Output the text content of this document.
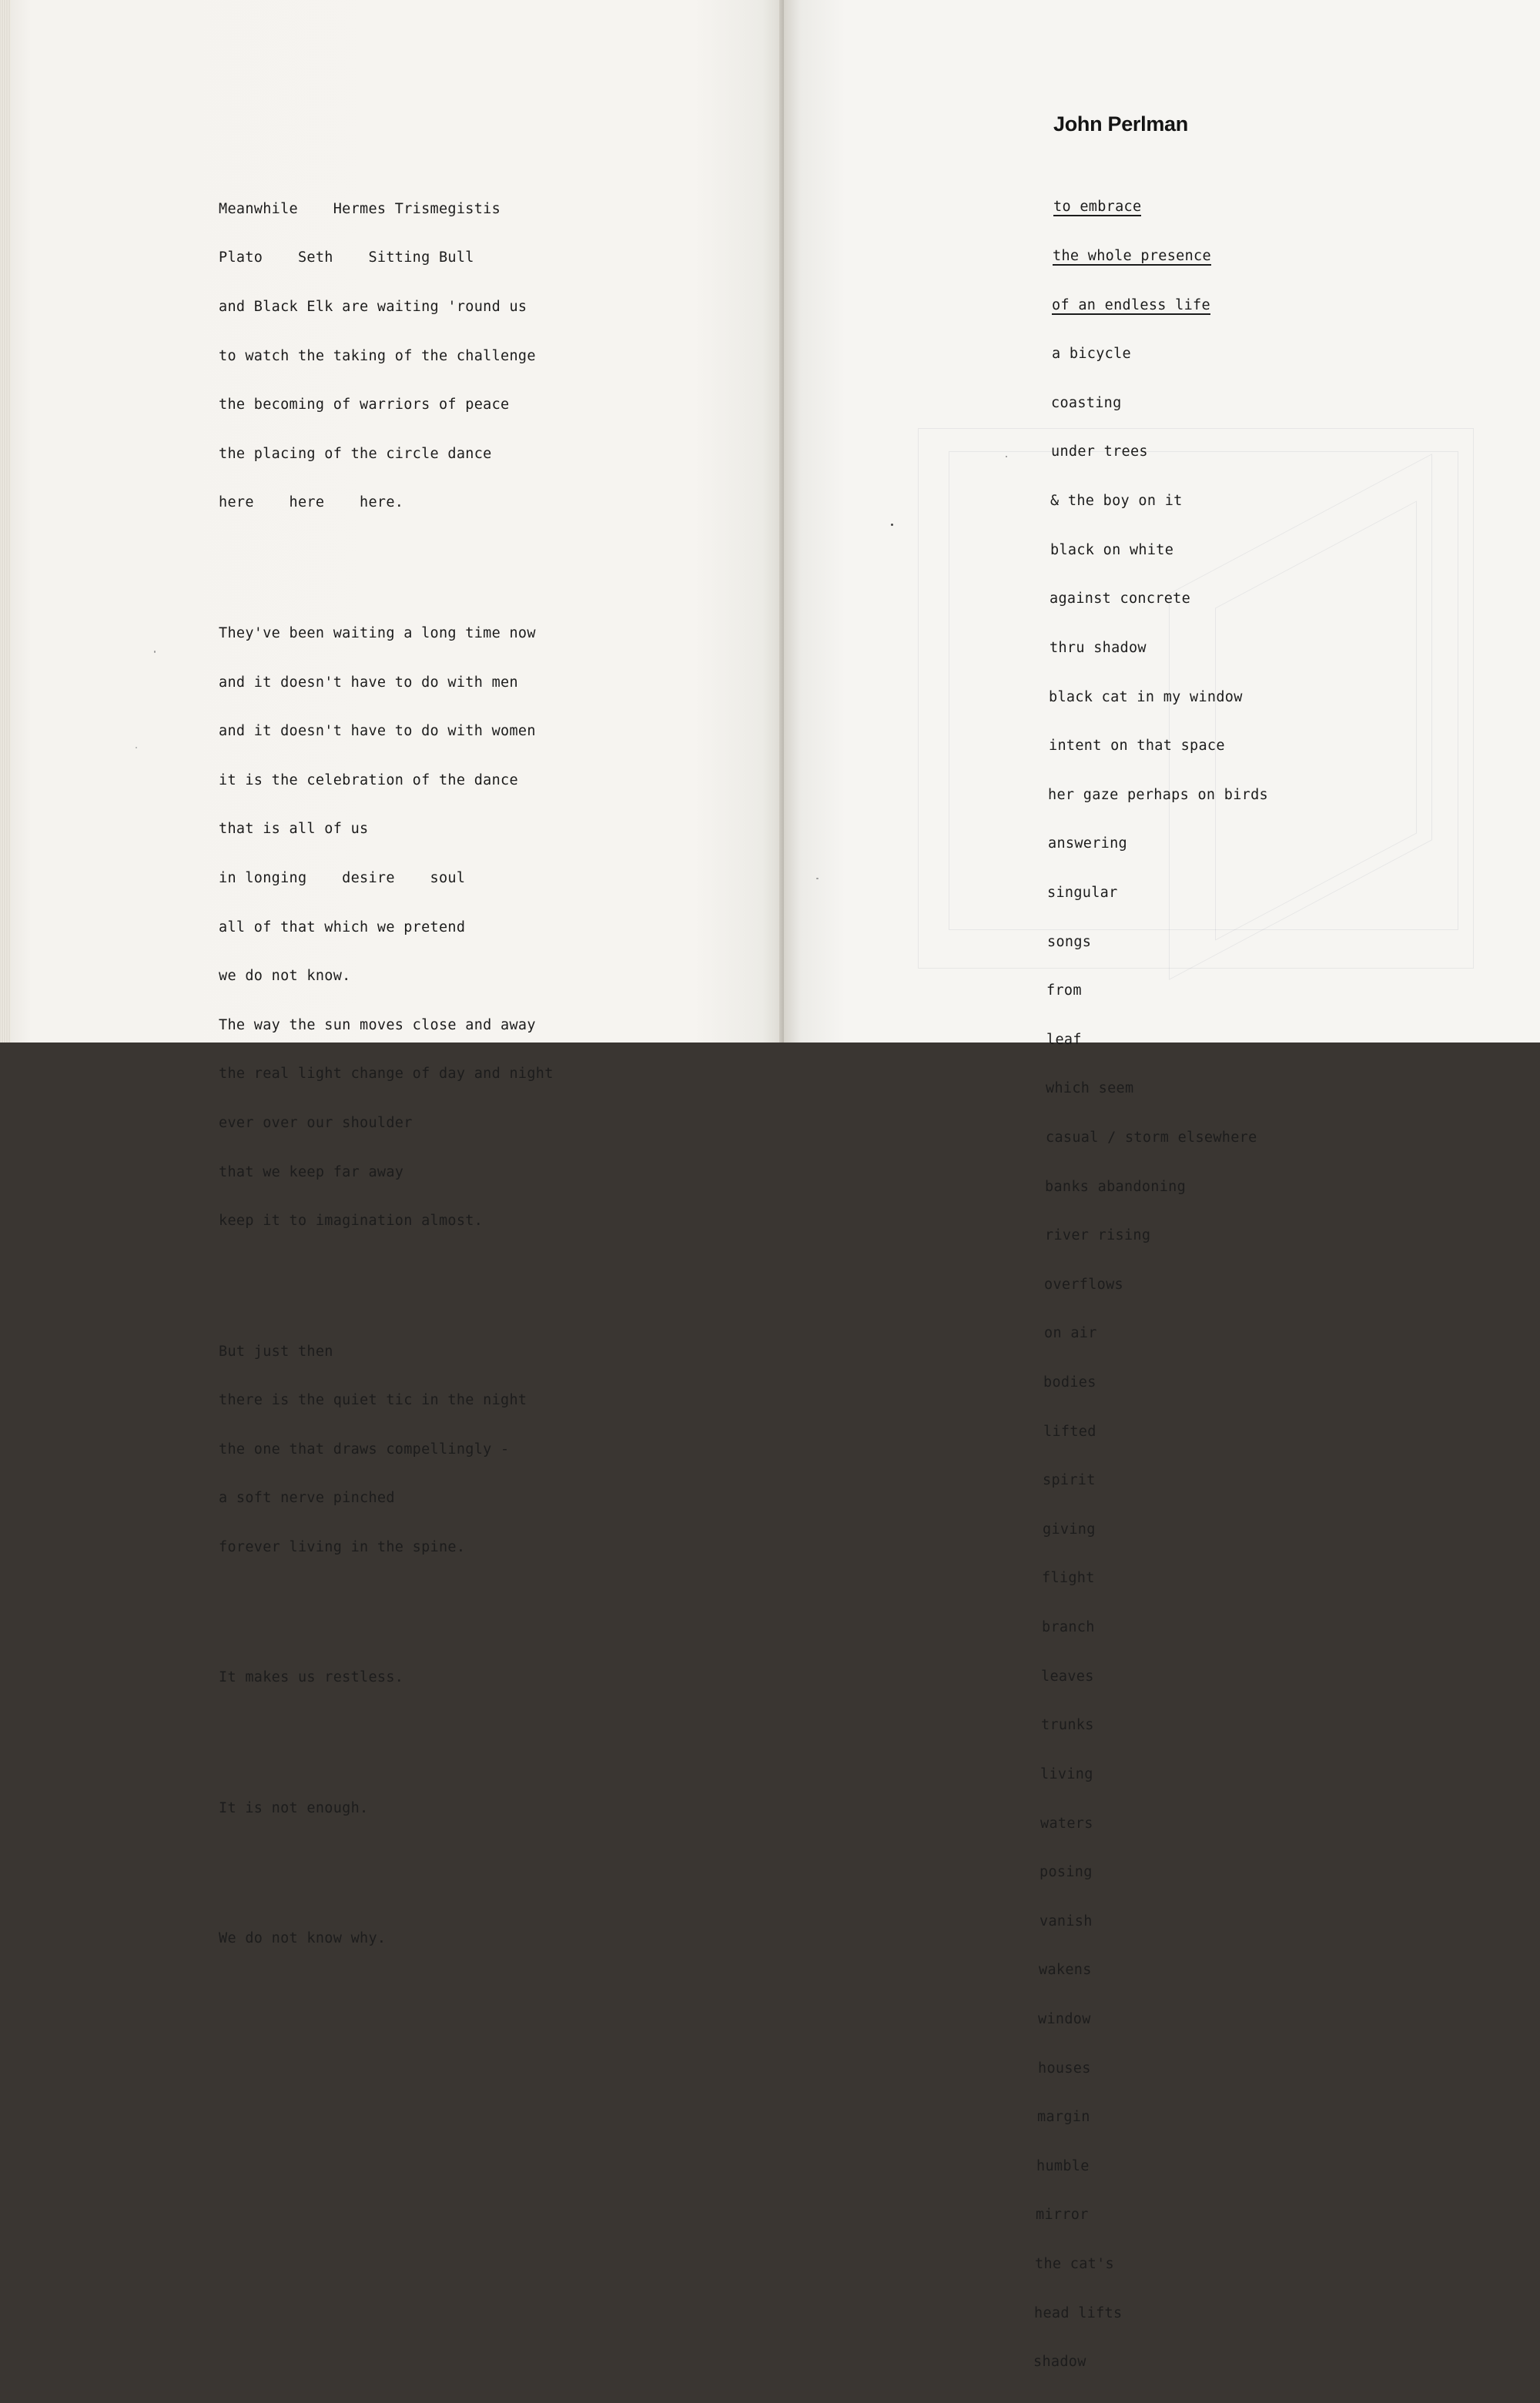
Meanwhile    Hermes Trismegistis

Plato    Seth    Sitting Bull

and Black Elk are waiting 'round us

to watch the taking of the challenge

the becoming of warriors of peace

the placing of the circle dance

here    here    here.

They've been waiting a long time now

and it doesn't have to do with men

and it doesn't have to do with women

it is the celebration of the dance

that is all of us

in longing    desire    soul

all of that which we pretend

we do not know.

The way the sun moves close and away

the real light change of day and night

ever over our shoulder

that we keep far away

keep it to imagination almost.

But just then

there is the quiet tic in the night

the one that draws compellingly -

a soft nerve pinched

forever living in the spine.

It makes us restless.

It is not enough.

We do not know why.

John Perlman

to embrace

the whole presence

of an endless life

a bicycle

coasting

under trees

& the boy on it

black on white

against concrete

thru shadow

black cat in my window

intent on that space

her gaze perhaps on birds

answering

singular

songs

from

leaf

which seem

casual / storm elsewhere

banks abandoning

river rising

overflows

on air

bodies

lifted

spirit

giving

flight

branch

leaves

trunks

living

waters

posing

vanish

wakens

window

houses

margin

humble

mirror

the cat's

head lifts

shadow
